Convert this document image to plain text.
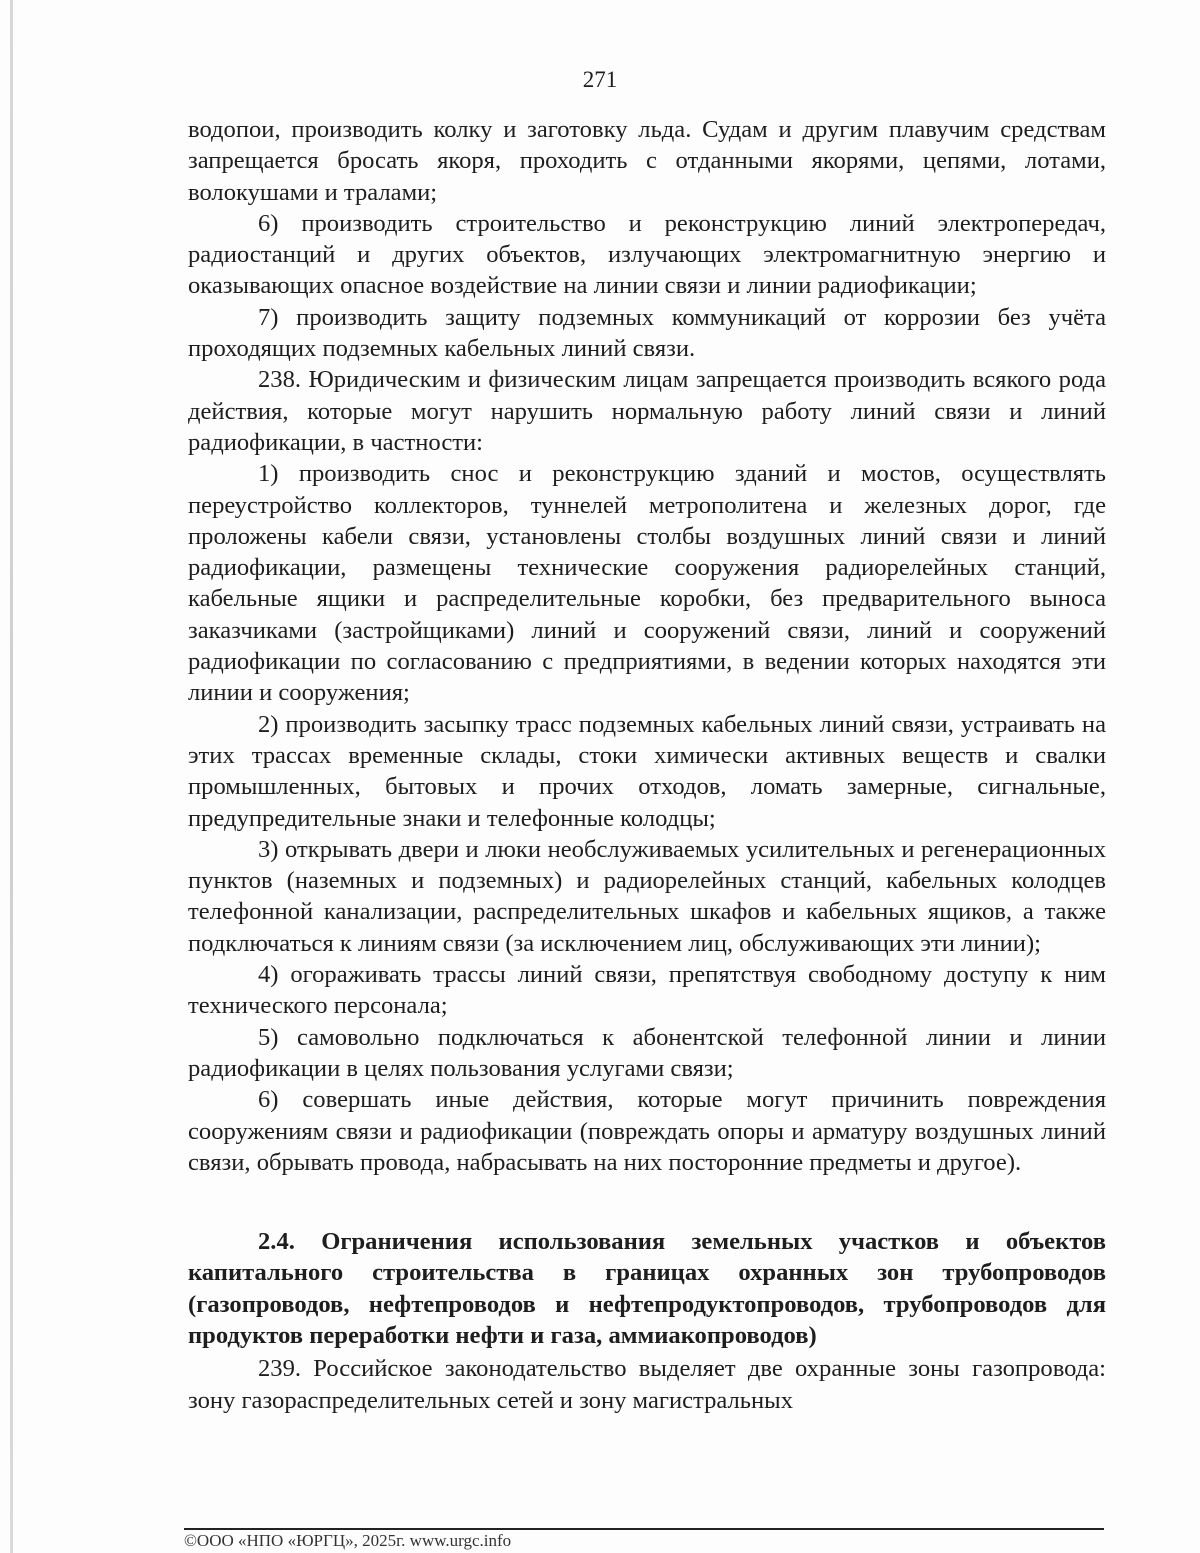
271

водопои, производить колку и заготовку льда. Судам и другим плавучим средствам запрещается бросать якоря, проходить с отданными якорями, цепями, лотами, волокушами и тралами;

6) производить строительство и реконструкцию линий электропередач, радиостанций и других объектов, излучающих электромагнитную энергию и оказывающих опасное воздействие на линии связи и линии радиофикации;

7) производить защиту подземных коммуникаций от коррозии без учёта проходящих подземных кабельных линий связи.

238. Юридическим и физическим лицам запрещается производить всякого рода действия, которые могут нарушить нормальную работу линий связи и линий радиофикации, в частности:

1) производить снос и реконструкцию зданий и мостов, осуществлять переустройство коллекторов, туннелей метрополитена и железных дорог, где проложены кабели связи, установлены столбы воздушных линий связи и линий радиофикации, размещены технические сооружения радиорелейных станций, кабельные ящики и распределительные коробки, без предварительного выноса заказчиками (застройщиками) линий и сооружений связи, линий и сооружений радиофикации по согласованию с предприятиями, в ведении которых находятся эти линии и сооружения;

2) производить засыпку трасс подземных кабельных линий связи, устраивать на этих трассах временные склады, стоки химически активных веществ и свалки промышленных, бытовых и прочих отходов, ломать замерные, сигнальные, предупредительные знаки и телефонные колодцы;

3) открывать двери и люки необслуживаемых усилительных и регенерационных пунктов (наземных и подземных) и радиорелейных станций, кабельных колодцев телефонной канализации, распределительных шкафов и кабельных ящиков, а также подключаться к линиям связи (за исключением лиц, обслуживающих эти линии);

4) огораживать трассы линий связи, препятствуя свободному доступу к ним технического персонала;

5) самовольно подключаться к абонентской телефонной линии и линии радиофикации в целях пользования услугами связи;

6) совершать иные действия, которые могут причинить повреждения сооружениям связи и радиофикации (повреждать опоры и арматуру воздушных линий связи, обрывать провода, набрасывать на них посторонние предметы и другое).

2.4. Ограничения использования земельных участков и объектов капитального строительства в границах охранных зон трубопроводов (газопроводов, нефтепроводов и нефтепродуктопроводов, трубопроводов для продуктов переработки нефти и газа, аммиакопроводов)

239. Российское законодательство выделяет две охранные зоны газопровода: зону газораспределительных сетей и зону магистральных

©ООО «НПО «ЮРГЦ», 2025г. www.urgc.info
